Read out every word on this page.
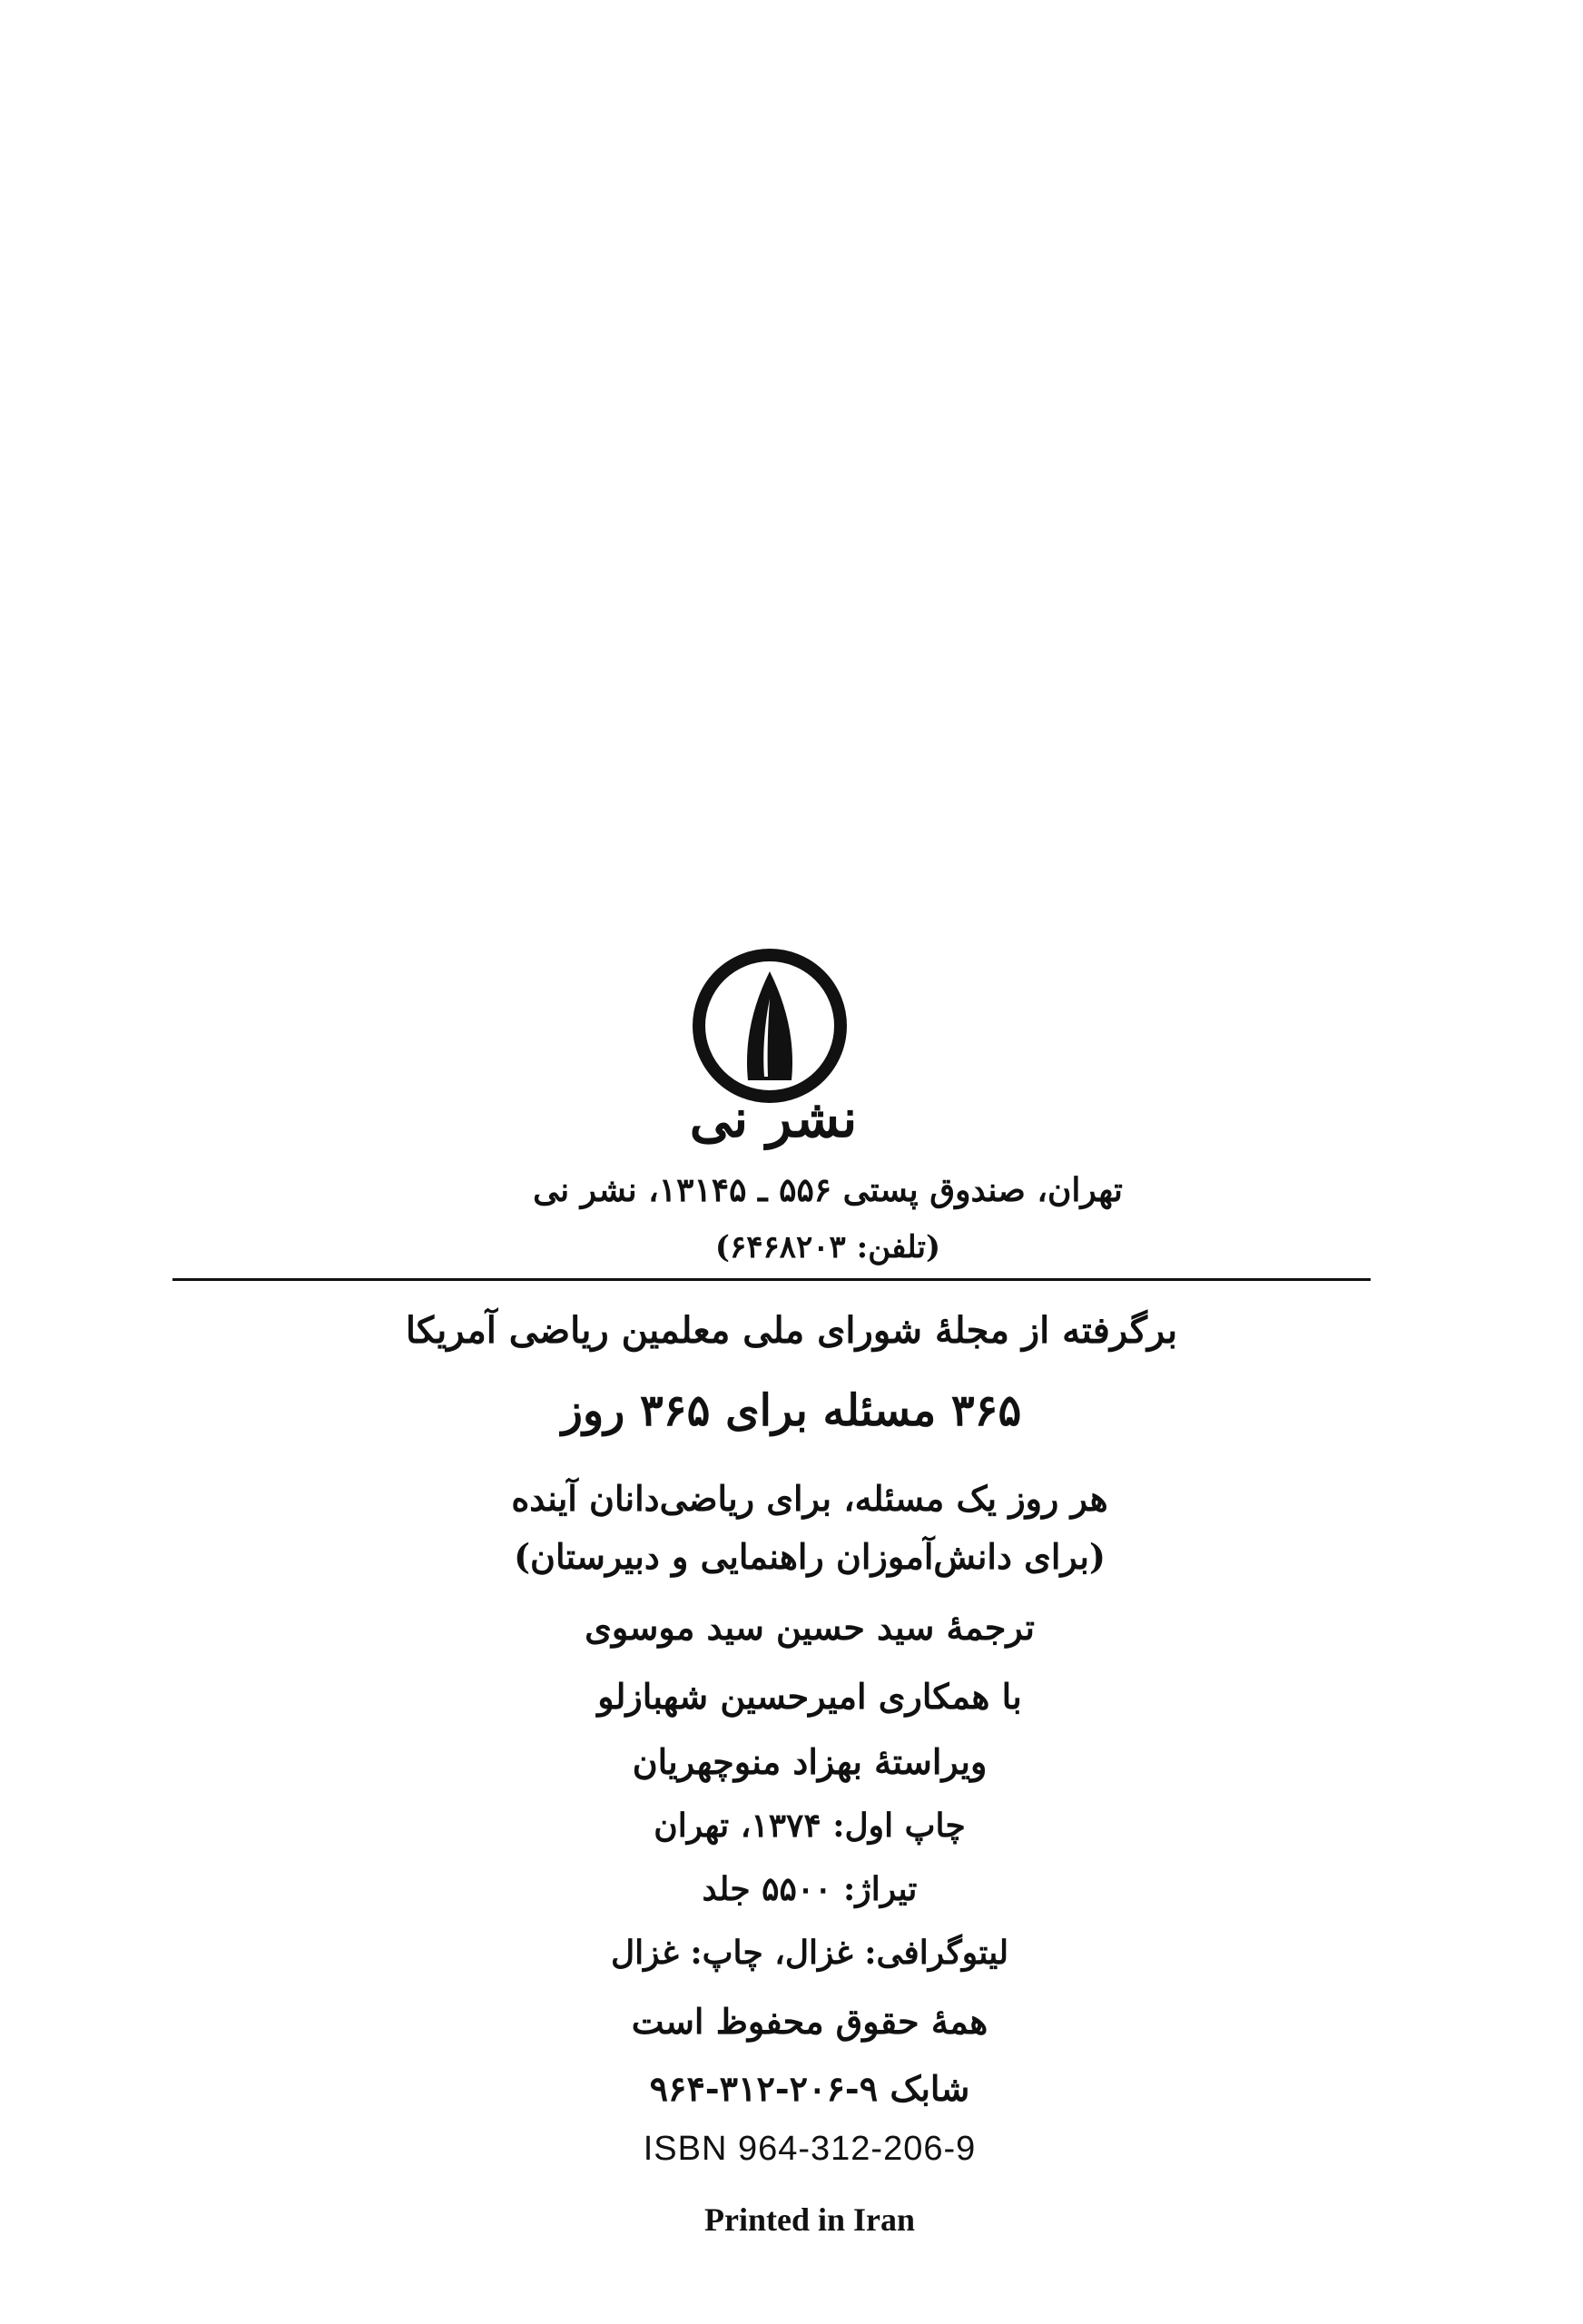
نشر نی
تهران، صندوق پستی ۵۵۶ ـ ۱۳۱۴۵، نشر نی
(تلفن: ۶۴۶۸۲۰۳)
برگرفته از مجلهٔ شورای ملی معلمین ریاضی آمریکا
۳۶۵ مسئله برای ۳۶۵ روز
هر روز یک مسئله، برای ریاضی‌دانان آینده
(برای دانش‌آموزان راهنمایی و دبیرستان)
ترجمهٔ سید حسین سید موسوی
با همکاری امیرحسین شهبازلو
ویراستهٔ بهزاد منوچهریان
چاپ اول: ۱۳۷۴، تهران
تیراژ: ۵۵۰۰ جلد
لیتوگرافی: غزال، چاپ: غزال
همهٔ حقوق محفوظ است
شابک ۹-۲۰۶-۳۱۲-۹۶۴
ISBN 964-312-206-9
Printed in Iran
